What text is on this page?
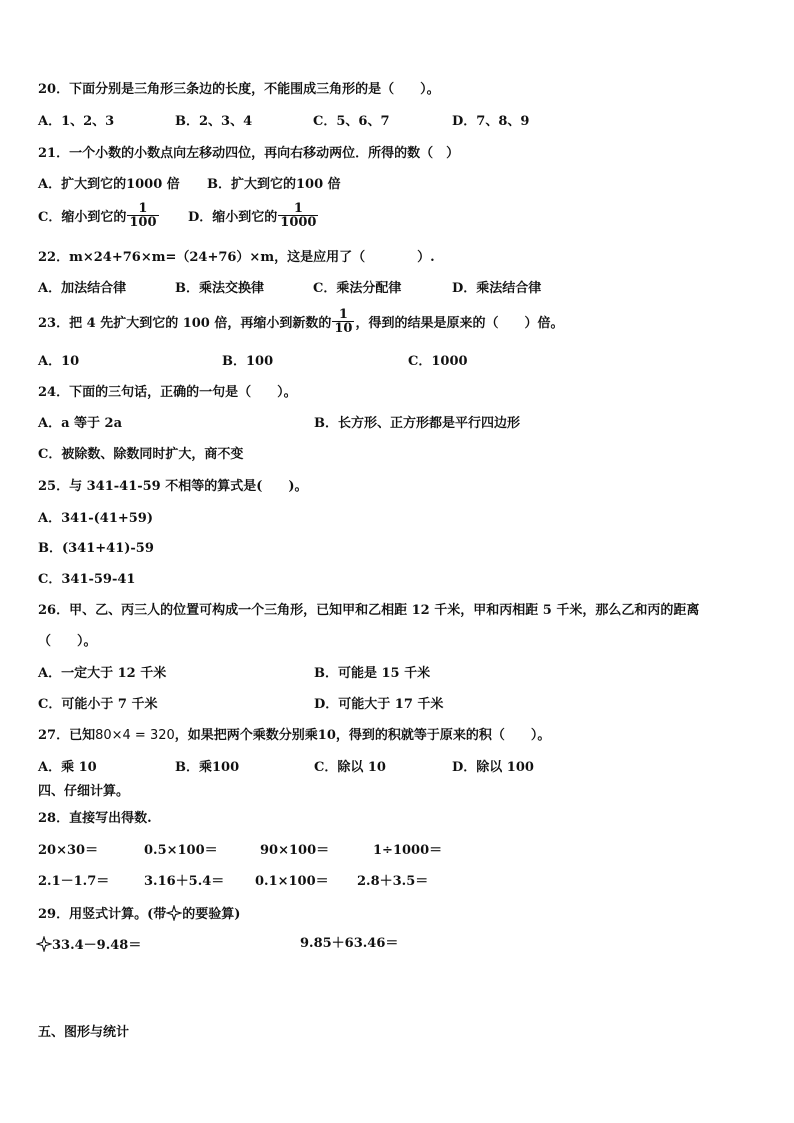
20．下面分别是三角形三条边的长度，不能围成三角形的是（　　）。
A．1、2、3	B．2、3、4	C．5、6、7	D．7、8、9
21．一个小数的小数点向左移动四位，再向右移动两位．所得的数（　）
A．扩大到它的1000 倍 B．扩大到它的100 倍
C．缩小到它的 $\frac{1}{100}$ D．缩小到它的 $\frac{1}{1000}$
22．m×24+76×m=（24+76）×m，这是应用了（　　　　）.
A．加法结合律	B．乘法交换律	C．乘法分配律	D．乘法结合律
23．把 4 先扩大到它的 100 倍，再缩小到新数的 $\frac{1}{10}$ ，得到的结果是原来的（　　）倍。
A．10	B．100	C．1000
24．下面的三句话，正确的一句是（　　）。
A．a 等于 2a	B．长方形、正方形都是平行四边形
C．被除数、除数同时扩大，商不变
25．与 341-41-59 不相等的算式是(　　)。
A．341-(41+59)
B．(341+41)-59
C．341-59-41
26．甲、乙、丙三人的位置可构成一个三角形，已知甲和乙相距 12 千米，甲和丙相距 5 千米，那么乙和丙的距离
（　　）。
A．一定大于 12 千米	B．可能是 15 千米
C．可能小于 7 千米	D．可能大于 17 千米
27．已知80×4 = 320，如果把两个乘数分别乘10，得到的积就等于原来的积（　　）。
A．乘 10	B．乘100	C．除以 10	D．除以 100
四、仔细计算。
28．直接写出得数.
20×30＝	0.5×100＝	90×100＝	1÷1000＝
2.1－1.7＝	3.16＋5.4＝ 0.1×100＝ 2.8＋3.5＝
29．用竖式计算。(带 的要验算)
33.4－9.48＝	9.85＋63.46＝
五、图形与统计
